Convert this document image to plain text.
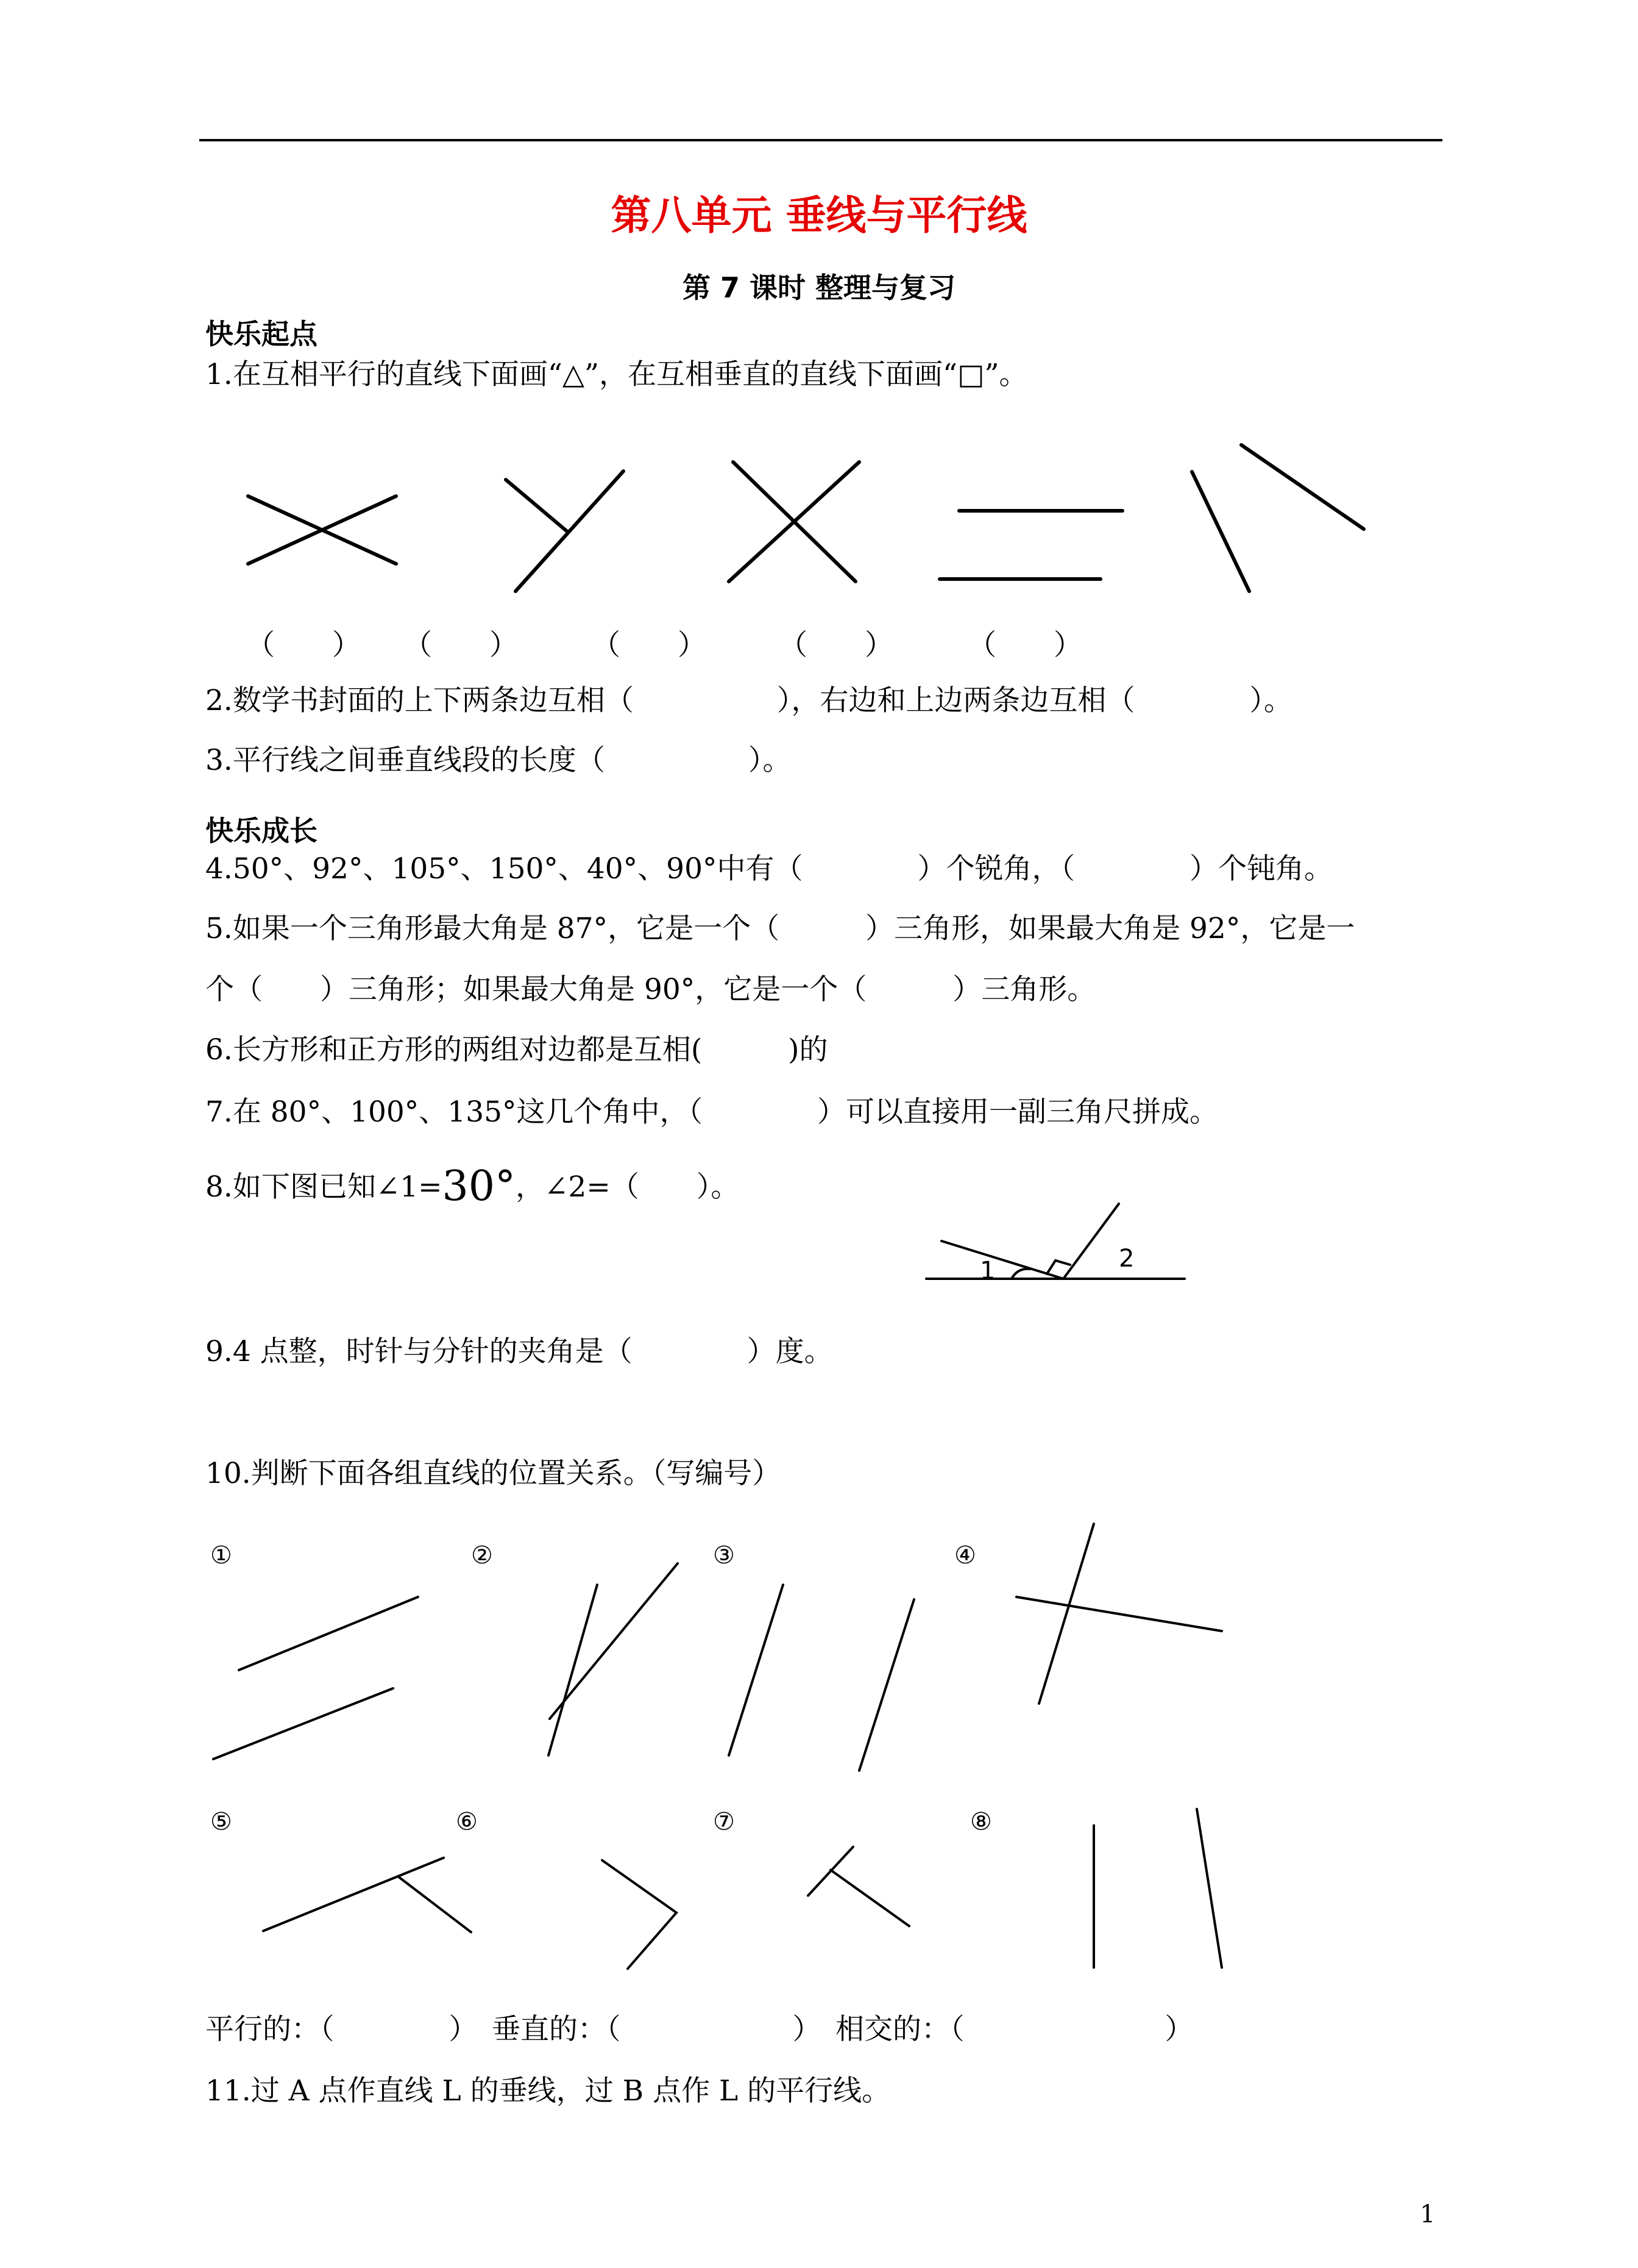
第八单元 垂线与平行线
第 7 课时 整理与复习
快乐起点
1.在互相平行的直线下面画“△”，在互相垂直的直线下面画“□”。
（　　） （　　）	（　　）	（　　）	（　　）
2.数学书封面的上下两条边互相（　　　　　），右边和上边两条边互相（　　　　）。
3.平行线之间垂直线段的长度（　　　　　）。
快乐成长
4.50°、92°、105°、150°、40°、90°中有（　　　　）个锐角，（　　　　）个钝角。
5.如果一个三角形最大角是 87°，它是一个（　　　）三角形，如果最大角是 92°，它是一
个（　　）三角形；如果最大角是 90°，它是一个（　　　）三角形。
6.长方形和正方形的两组对边都是互相(　　　)的
7.在 80°、100°、135°这几个角中，（　　　　）可以直接用一副三角尺拼成。
8.如下图已知∠1=30°，∠2=（　　）。
1	2
9.4 点整，时针与分针的夹角是（　　　　）度。
10.判断下面各组直线的位置关系。（写编号）
①	②	③	④
⑤	⑥	⑦	⑧
平行的：（　　　　）　垂直的：（　　　　　　）　相交的：（　　　　　　　）
11.过 A 点作直线 L 的垂线，过 B 点作 L 的平行线。
1
